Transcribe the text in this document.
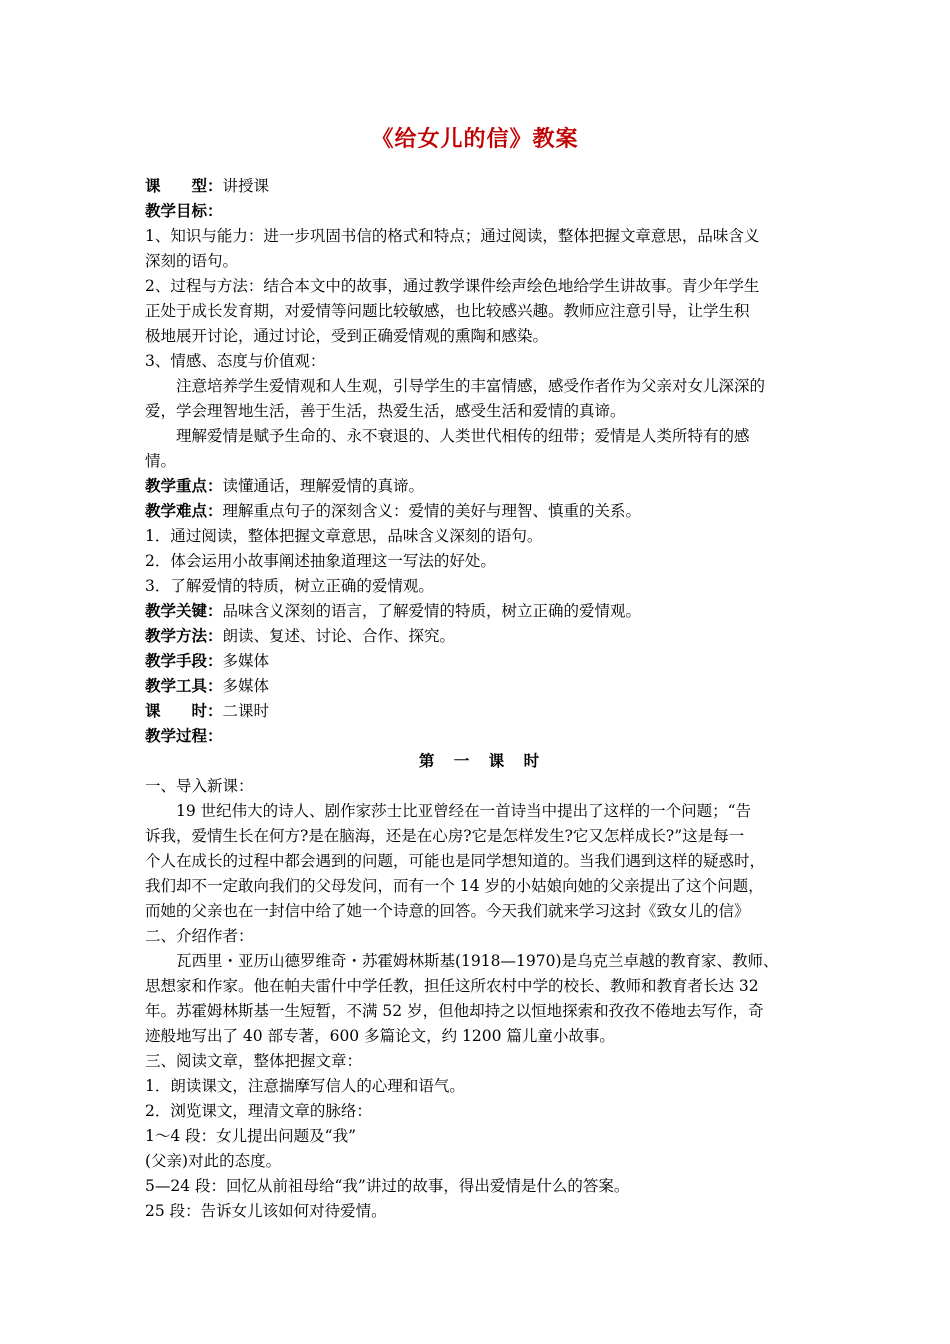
《给女儿的信》教案
课　　型：讲授课
教学目标：
1、知识与能力：进一步巩固书信的格式和特点；通过阅读，整体把握文章意思，品味含义
深刻的语句。
2、过程与方法：结合本文中的故事，通过教学课件绘声绘色地给学生讲故事。青少年学生
正处于成长发育期，对爱情等问题比较敏感，也比较感兴趣。教师应注意引导，让学生积
极地展开讨论，通过讨论，受到正确爱情观的熏陶和感染。
3、情感、态度与价值观：
注意培养学生爱情观和人生观，引导学生的丰富情感，感受作者作为父亲对女儿深深的
爱，学会理智地生活，善于生活，热爱生活，感受生活和爱情的真谛。
理解爱情是赋予生命的、永不衰退的、人类世代相传的纽带；爱情是人类所特有的感
情。
教学重点：读懂通话，理解爱情的真谛。
教学难点：理解重点句子的深刻含义：爱情的美好与理智、慎重的关系。
1．通过阅读，整体把握文章意思，品味含义深刻的语句。
2．体会运用小故事阐述抽象道理这一写法的好处。
3．了解爱情的特质，树立正确的爱情观。
教学关键：品味含义深刻的语言，了解爱情的特质，树立正确的爱情观。
教学方法：朗读、复述、讨论、合作、探究。
教学手段：多媒体
教学工具：多媒体
课　　时：二课时
教学过程：
第 一 课 时
一、导入新课：
19 世纪伟大的诗人、剧作家莎士比亚曾经在一首诗当中提出了这样的一个问题；“告
诉我，爱情生长在何方?是在脑海，还是在心房?它是怎样发生?它又怎样成长?”这是每一
个人在成长的过程中都会遇到的问题，可能也是同学想知道的。当我们遇到这样的疑惑时，
我们却不一定敢向我们的父母发问，而有一个 14 岁的小姑娘向她的父亲提出了这个问题，
而她的父亲也在一封信中给了她一个诗意的回答。今天我们就来学习这封《致女儿的信》
二、介绍作者：
瓦西里・亚历山德罗维奇・苏霍姆林斯基(1918—1970)是乌克兰卓越的教育家、教师、
思想家和作家。他在帕夫雷什中学任教，担任这所农村中学的校长、教师和教育者长达 32
年。苏霍姆林斯基一生短暂，不满 52 岁，但他却持之以恒地探索和孜孜不倦地去写作，奇
迹般地写出了 40 部专著，600 多篇论文，约 1200 篇儿童小故事。
三、阅读文章，整体把握文章：
1．朗读课文，注意揣摩写信人的心理和语气。
2．浏览课文，理清文章的脉络：
1～4 段：女儿提出问题及“我”
(父亲)对此的态度。
5—24 段：回忆从前祖母给“我”讲过的故事，得出爱情是什么的答案。
25 段：告诉女儿该如何对待爱情。
